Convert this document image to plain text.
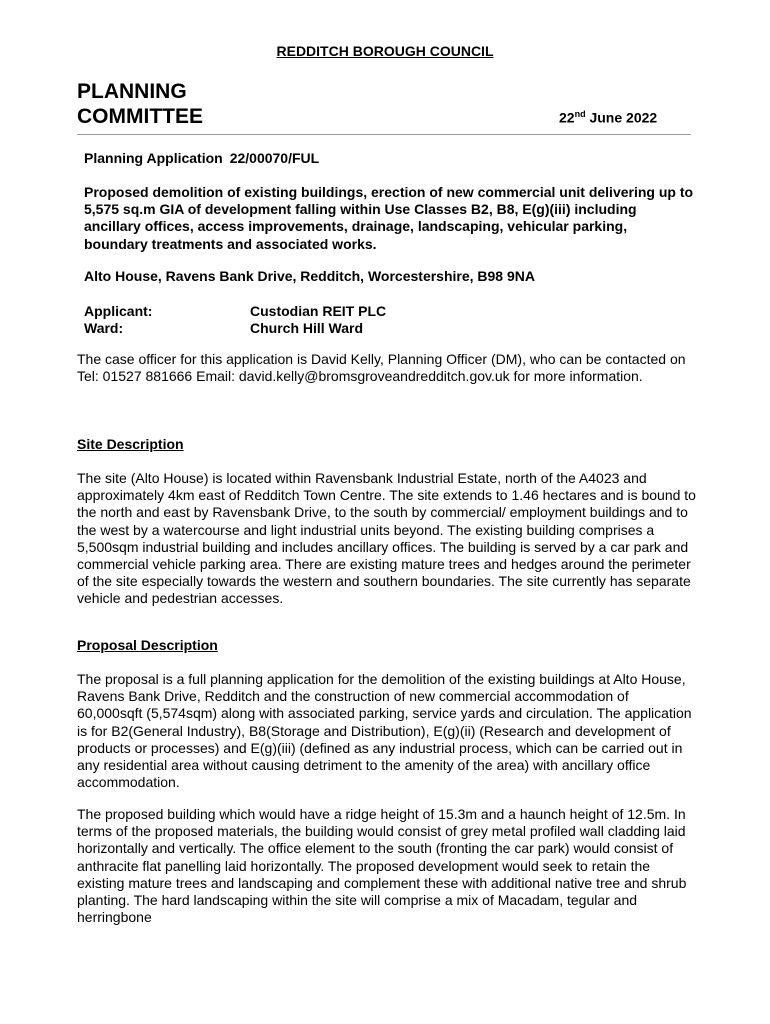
REDDITCH BOROUGH COUNCIL
PLANNING
COMMITTEE	22nd June 2022
Planning Application 22/00070/FUL
Proposed demolition of existing buildings, erection of new commercial unit delivering up to 5,575 sq.m GIA of development falling within Use Classes B2, B8, E(g)(iii) including ancillary offices, access improvements, drainage, landscaping, vehicular parking, boundary treatments and associated works.
Alto House, Ravens Bank Drive, Redditch, Worcestershire, B98 9NA
Applicant:	Custodian REIT PLC
Ward:	Church Hill Ward
The case officer for this application is David Kelly, Planning Officer (DM), who can be contacted on Tel: 01527 881666 Email: david.kelly@bromsgroveandredditch.gov.uk for more information.
Site Description
The site (Alto House) is located within Ravensbank Industrial Estate, north of the A4023 and approximately 4km east of Redditch Town Centre. The site extends to 1.46 hectares and is bound to the north and east by Ravensbank Drive, to the south by commercial/ employment buildings and to the west by a watercourse and light industrial units beyond. The existing building comprises a 5,500sqm industrial building and includes ancillary offices. The building is served by a car park and commercial vehicle parking area. There are existing mature trees and hedges around the perimeter of the site especially towards the western and southern boundaries. The site currently has separate vehicle and pedestrian accesses.
Proposal Description
The proposal is a full planning application for the demolition of the existing buildings at Alto House, Ravens Bank Drive, Redditch and the construction of new commercial accommodation of 60,000sqft (5,574sqm) along with associated parking, service yards and circulation. The application is for B2(General Industry), B8(Storage and Distribution), E(g)(ii) (Research and development of products or processes) and E(g)(iii) (defined as any industrial process, which can be carried out in any residential area without causing detriment to the amenity of the area) with ancillary office accommodation.
The proposed building which would have a ridge height of 15.3m and a haunch height of 12.5m. In terms of the proposed materials, the building would consist of grey metal profiled wall cladding laid horizontally and vertically. The office element to the south (fronting the car park) would consist of anthracite flat panelling laid horizontally. The proposed development would seek to retain the existing mature trees and landscaping and complement these with additional native tree and shrub planting. The hard landscaping within the site will comprise a mix of Macadam, tegular and herringbone
